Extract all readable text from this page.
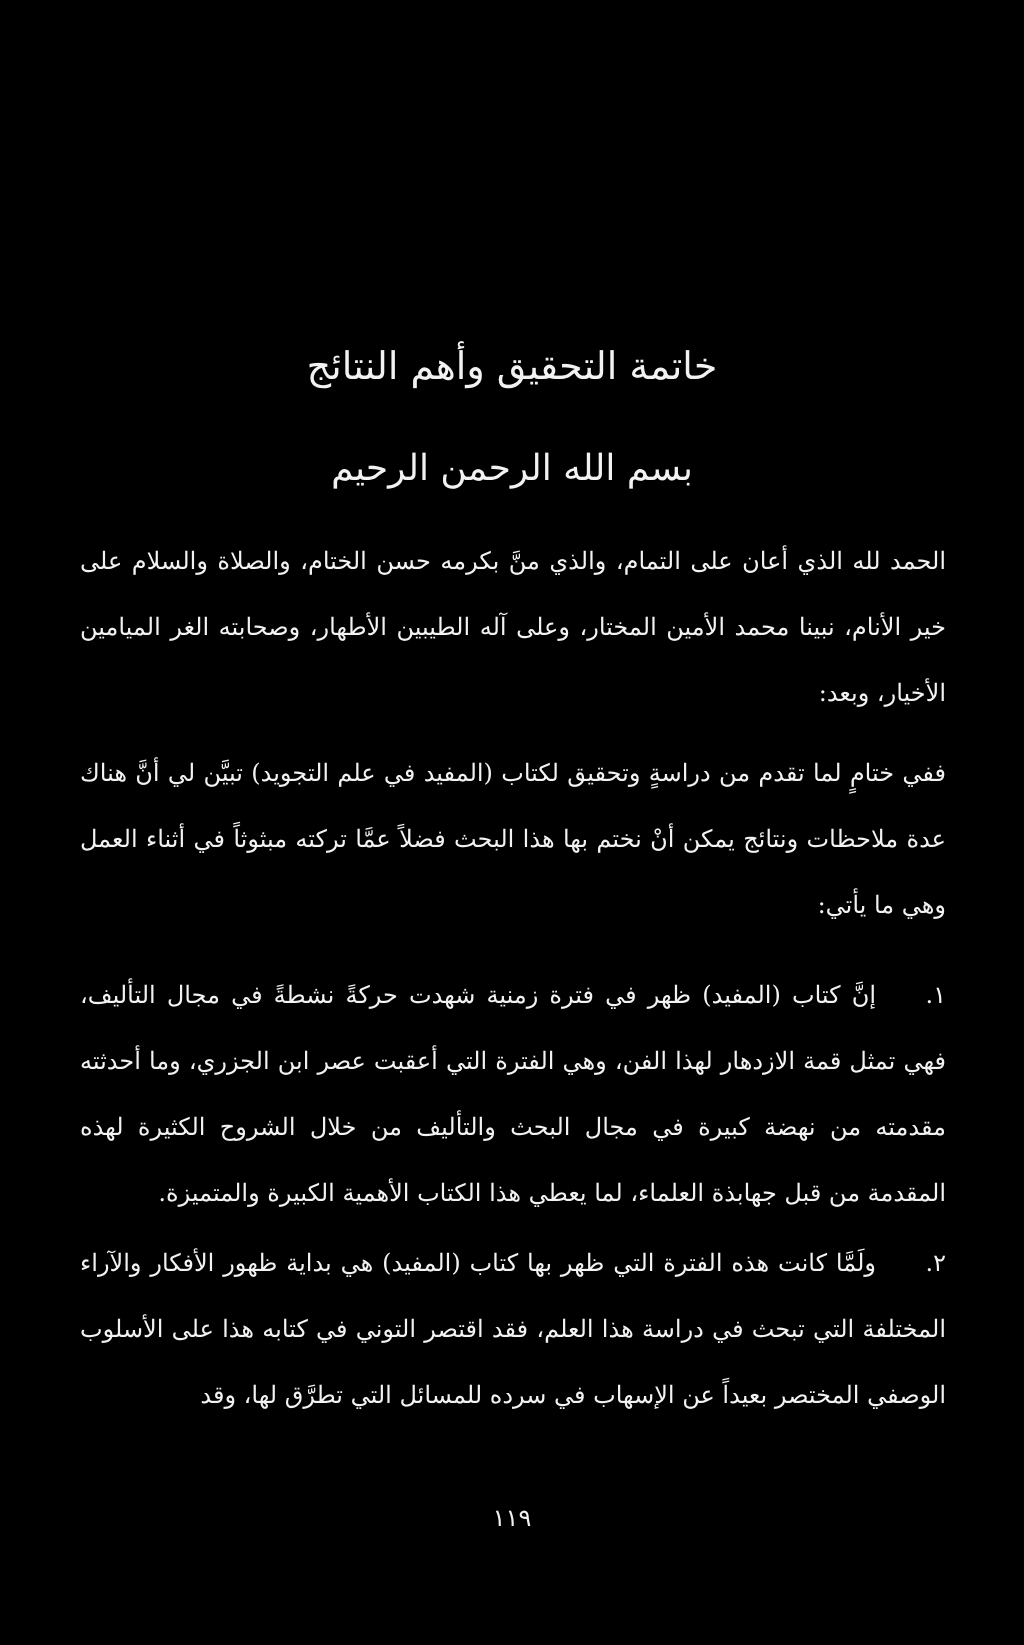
خاتمة التحقيق وأهم النتائج
بسم الله الرحمن الرحيم

الحمد لله الذي أعان على التمام، والذي منَّ بكرمه حسن الختام، والصلاة والسلام على خير الأنام، نبينا محمد الأمين المختار، وعلى آله الطيبين الأطهار، وصحابته الغر الميامين الأخيار، وبعد:

ففي ختامٍ لما تقدم من دراسةٍ وتحقيق لكتاب (المفيد في علم التجويد) تبيَّن لي أنَّ هناك عدة ملاحظات ونتائج يمكن أنْ نختم بها هذا البحث فضلاً عمَّا تركته مبثوثاً في أثناء العمل وهي ما يأتي:

١.
إنَّ كتاب (المفيد) ظهر في فترة زمنية شهدت حركةً نشطةً في مجال التأليف، فهي تمثل قمة الازدهار لهذا الفن، وهي الفترة التي أعقبت عصر ابن الجزري، وما أحدثته مقدمته من نهضة كبيرة في مجال البحث والتأليف من خلال الشروح الكثيرة لهذه المقدمة من قبل جهابذة العلماء، لما يعطي هذا الكتاب الأهمية الكبيرة والمتميزة.
٢.
ولَمَّا كانت هذه الفترة التي ظهر بها كتاب (المفيد) هي بداية ظهور الأفكار والآراء المختلفة التي تبحث في دراسة هذا العلم، فقد اقتصر التوني في كتابه هذا على الأسلوب الوصفي المختصر بعيداً عن الإسهاب في سرده للمسائل التي تطرَّق لها، وقد
١١٩
